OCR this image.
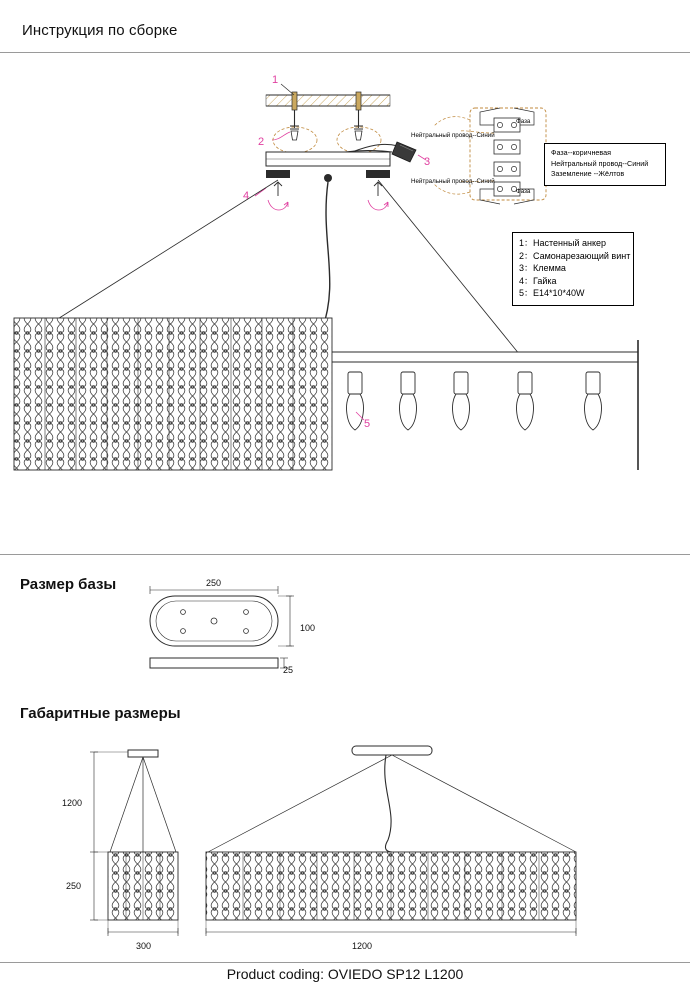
Инструкция по сборке
1
2
3
4
5
Нейтральный провод--Синий
Нейтральный провод--Синий
Фаза
Фаза
Фаза--коричневая
Нейтральный провод--Синий
Заземление --Жёлтов
1：Настенный анкер
2：Самонарезающий винт
3：Клемма
4：Гайка
5：E14*10*40W
Размер базы	250
100
25
Габаритные размеры
1200
250
300	1200
Product coding: OVIEDO SP12 L1200
